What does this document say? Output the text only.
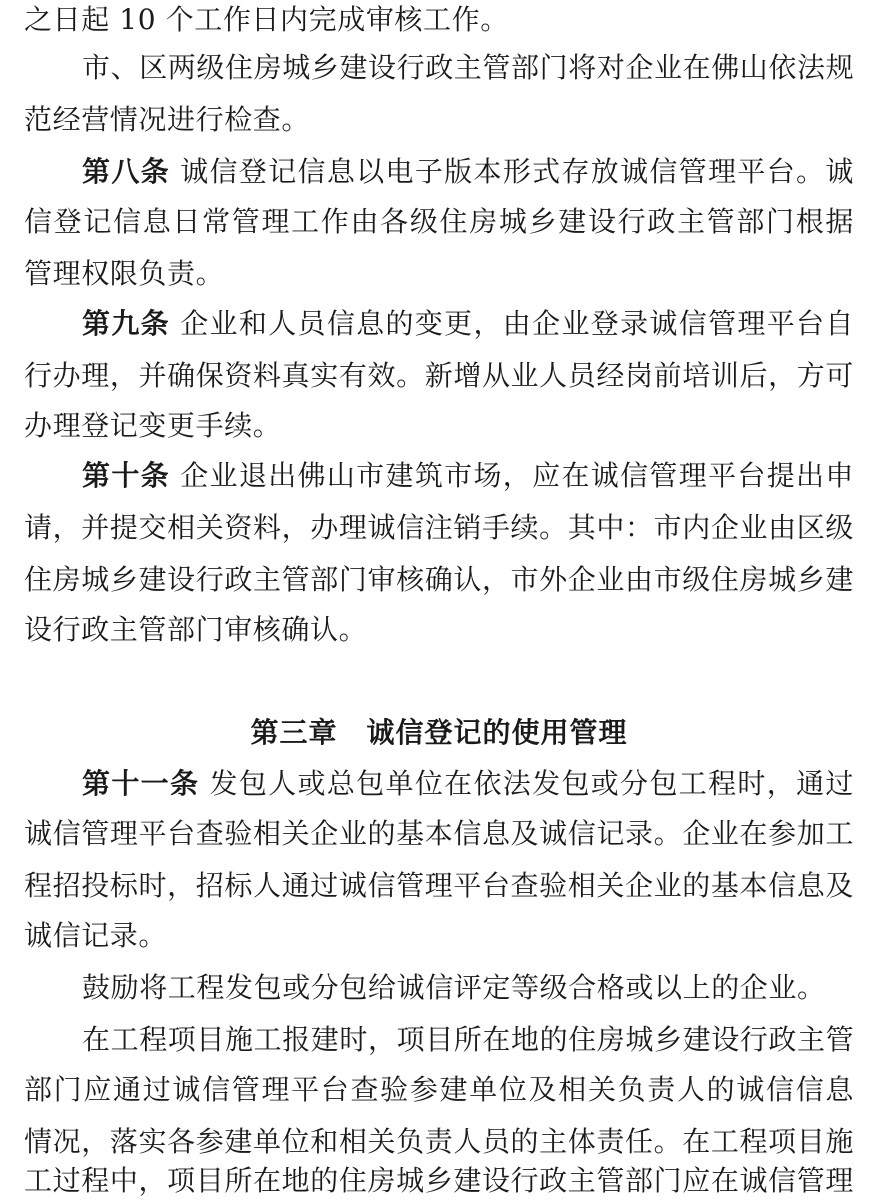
之日起 10 个工作日内完成审核工作。
市、区两级住房城乡建设行政主管部门将对企业在佛山依法规
范经营情况进行检查。
第八条 诚信登记信息以电子版本形式存放诚信管理平台。诚
信登记信息日常管理工作由各级住房城乡建设行政主管部门根据
管理权限负责。
第九条 企业和人员信息的变更，由企业登录诚信管理平台自
行办理，并确保资料真实有效。新增从业人员经岗前培训后，方可
办理登记变更手续。
第十条 企业退出佛山市建筑市场，应在诚信管理平台提出申
请，并提交相关资料，办理诚信注销手续。其中：市内企业由区级
住房城乡建设行政主管部门审核确认，市外企业由市级住房城乡建
设行政主管部门审核确认。
第三章　诚信登记的使用管理
第十一条 发包人或总包单位在依法发包或分包工程时，通过
诚信管理平台查验相关企业的基本信息及诚信记录。企业在参加工
程招投标时，招标人通过诚信管理平台查验相关企业的基本信息及
诚信记录。
鼓励将工程发包或分包给诚信评定等级合格或以上的企业。
在工程项目施工报建时，项目所在地的住房城乡建设行政主管
部门应通过诚信管理平台查验参建单位及相关负责人的诚信信息
情况，落实各参建单位和相关负责人员的主体责任。在工程项目施
工过程中，项目所在地的住房城乡建设行政主管部门应在诚信管理
